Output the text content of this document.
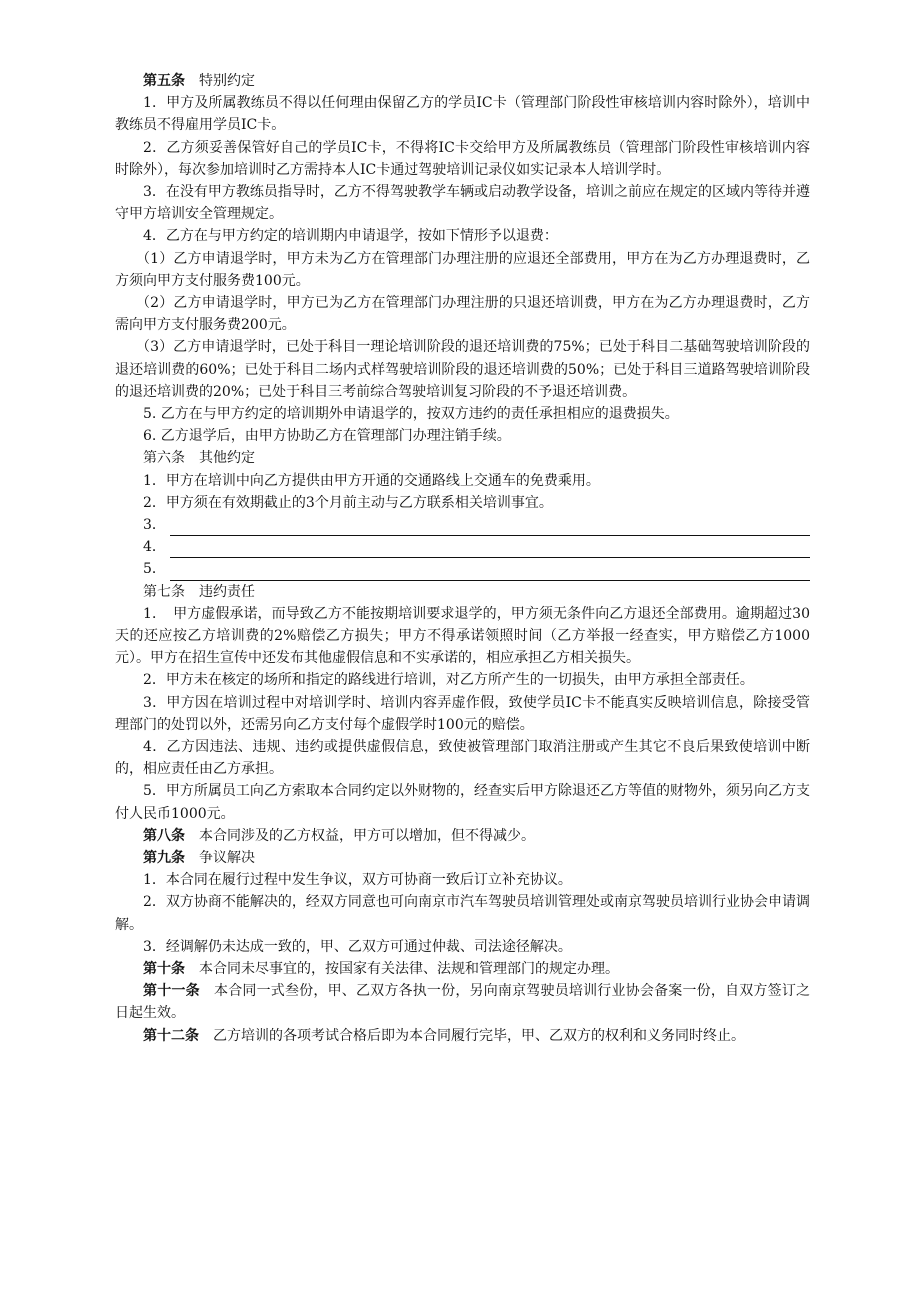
第五条　 特别约定

1．甲方及所属教练员不得以任何理由保留乙方的学员IC卡（管理部门阶段性审核培训内容时除外），培训中教练员不得雇用学员IC卡。

2．乙方须妥善保管好自己的学员IC卡，不得将IC卡交给甲方及所属教练员（管理部门阶段性审核培训内容时除外），每次参加培训时乙方需持本人IC卡通过驾驶培训记录仪如实记录本人培训学时。

3．在没有甲方教练员指导时，乙方不得驾驶教学车辆或启动教学设备，培训之前应在规定的区域内等待并遵守甲方培训安全管理规定。

4．乙方在与甲方约定的培训期内申请退学，按如下情形予以退费：

（1）乙方申请退学时，甲方未为乙方在管理部门办理注册的应退还全部费用，甲方在为乙方办理退费时，乙方须向甲方支付服务费100元。

（2）乙方申请退学时，甲方已为乙方在管理部门办理注册的只退还培训费，甲方在为乙方办理退费时，乙方需向甲方支付服务费200元。

（3）乙方申请退学时，已处于科目一理论培训阶段的退还培训费的75%；已处于科目二基础驾驶培训阶段的退还培训费的60%；已处于科目二场内式样驾驶培训阶段的退还培训费的50%；已处于科目三道路驾驶培训阶段的退还培训费的20%；已处于科目三考前综合驾驶培训复习阶段的不予退还培训费。

5. 乙方在与甲方约定的培训期外申请退学的，按双方违约的责任承担相应的退费损失。

6. 乙方退学后，由甲方协助乙方在管理部门办理注销手续。

第六条　其他约定

1．甲方在培训中向乙方提供由甲方开通的交通路线上交通车的免费乘用。

2．甲方须在有效期截止的3个月前主动与乙方联系相关培训事宜。

3．
4．
5．

第七条　违约责任

1．　甲方虚假承诺，而导致乙方不能按期培训要求退学的，甲方须无条件向乙方退还全部费用。逾期超过30天的还应按乙方培训费的2%赔偿乙方损失；甲方不得承诺领照时间（乙方举报一经查实，甲方赔偿乙方1000元）。甲方在招生宣传中还发布其他虚假信息和不实承诺的，相应承担乙方相关损失。

2．甲方未在核定的场所和指定的路线进行培训，对乙方所产生的一切损失，由甲方承担全部责任。

3．甲方因在培训过程中对培训学时、培训内容弄虚作假，致使学员IC卡不能真实反映培训信息，除接受管理部门的处罚以外，还需另向乙方支付每个虚假学时100元的赔偿。

4．乙方因违法、违规、违约或提供虚假信息，致使被管理部门取消注册或产生其它不良后果致使培训中断的，相应责任由乙方承担。

5．甲方所属员工向乙方索取本合同约定以外财物的，经查实后甲方除退还乙方等值的财物外，须另向乙方支付人民币1000元。

第八条　 本合同涉及的乙方权益，甲方可以增加，但不得减少。

第九条　 争议解决

1．本合同在履行过程中发生争议，双方可协商一致后订立补充协议。

2．双方协商不能解决的，经双方同意也可向南京市汽车驾驶员培训管理处或南京驾驶员培训行业协会申请调解。

3．经调解仍未达成一致的，甲、乙双方可通过仲裁、司法途径解决。

第十条　 本合同未尽事宜的，按国家有关法律、法规和管理部门的规定办理。

第十一条　 本合同一式叁份，甲、乙双方各执一份，另向南京驾驶员培训行业协会备案一份，自双方签订之日起生效。

第十二条　 乙方培训的各项考试合格后即为本合同履行完毕，甲、乙双方的权利和义务同时终止。
